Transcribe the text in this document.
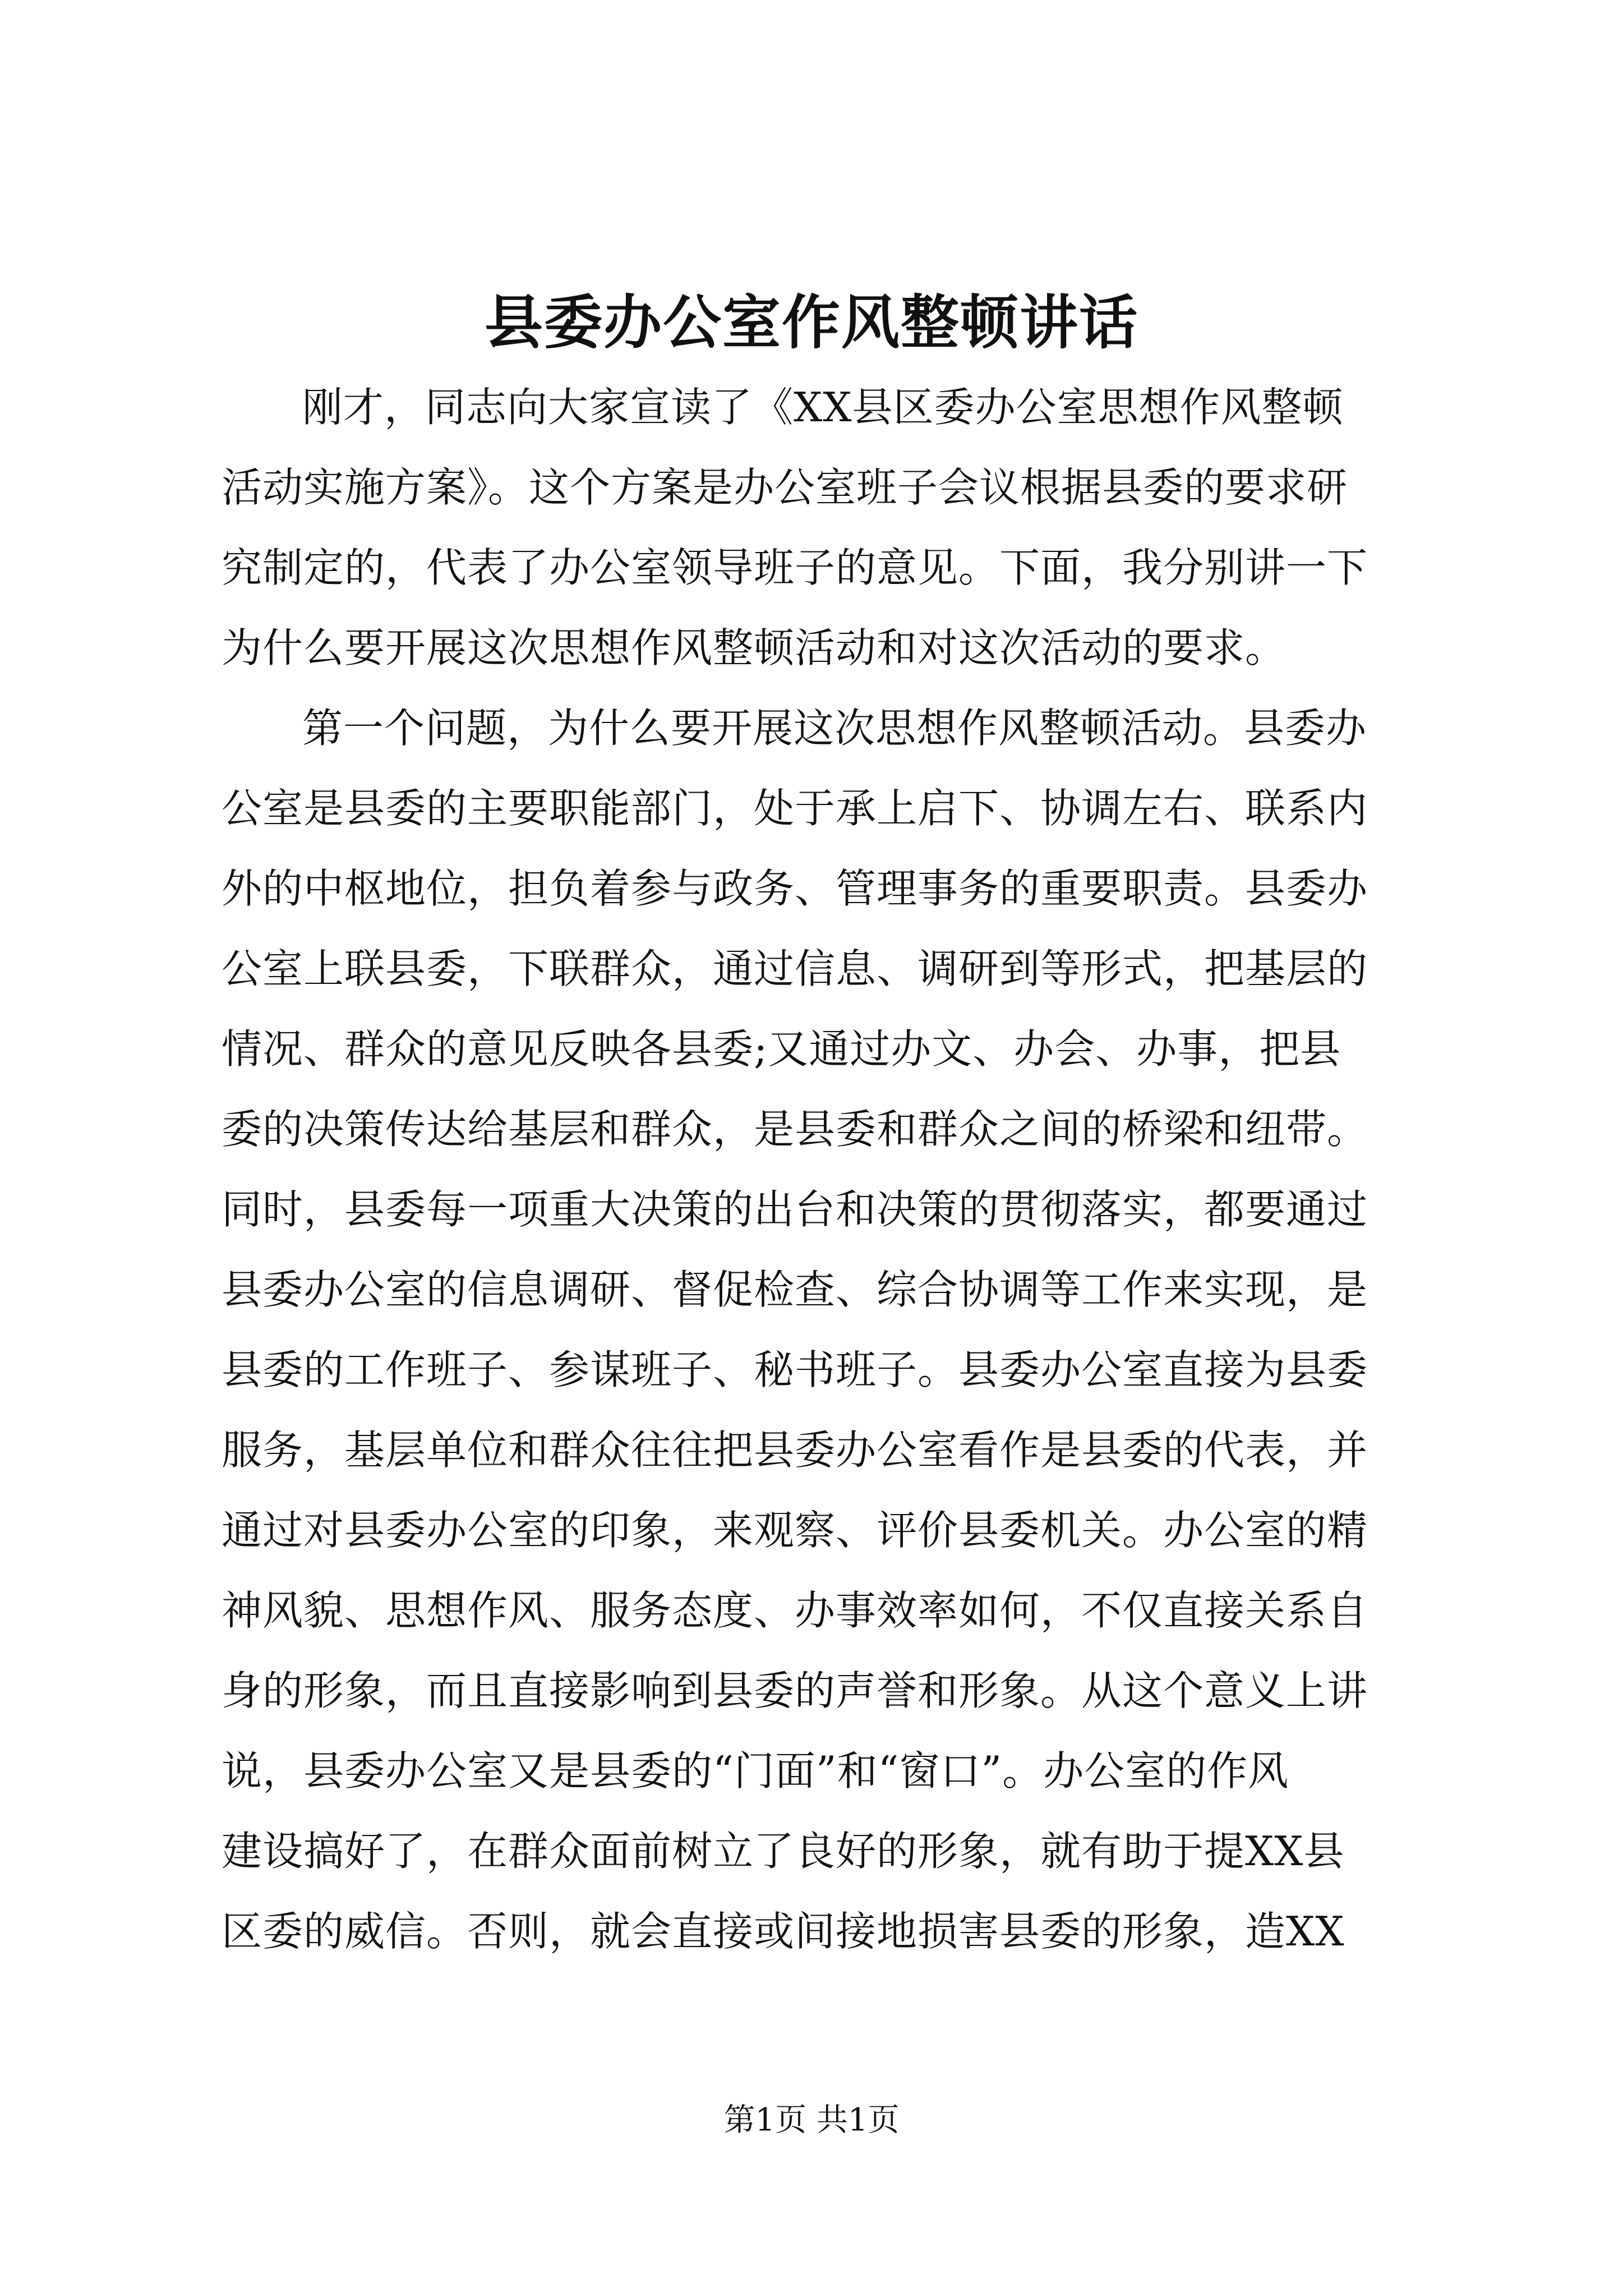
县委办公室作风整顿讲话
刚才，同志向大家宣读了《XX县区委办公室思想作风整顿
活动实施方案》。这个方案是办公室班子会议根据县委的要求研
究制定的，代表了办公室领导班子的意见。下面，我分别讲一下
为什么要开展这次思想作风整顿活动和对这次活动的要求。
第一个问题，为什么要开展这次思想作风整顿活动。县委办
公室是县委的主要职能部门，处于承上启下、协调左右、联系内
外的中枢地位，担负着参与政务、管理事务的重要职责。县委办
公室上联县委，下联群众，通过信息、调研到等形式，把基层的
情况、群众的意见反映各县委;又通过办文、办会、办事，把县
委的决策传达给基层和群众，是县委和群众之间的桥梁和纽带。
同时，县委每一项重大决策的出台和决策的贯彻落实，都要通过
县委办公室的信息调研、督促检查、综合协调等工作来实现，是
县委的工作班子、参谋班子、秘书班子。县委办公室直接为县委
服务，基层单位和群众往往把县委办公室看作是县委的代表，并
通过对县委办公室的印象，来观察、评价县委机关。办公室的精
神风貌、思想作风、服务态度、办事效率如何，不仅直接关系自
身的形象，而且直接影响到县委的声誉和形象。从这个意义上讲
说，县委办公室又是县委的“门面”和“窗口”。办公室的作风
建设搞好了，在群众面前树立了良好的形象，就有助于提XX县
区委的威信。否则，就会直接或间接地损害县委的形象，造XX
第1页 共1页
